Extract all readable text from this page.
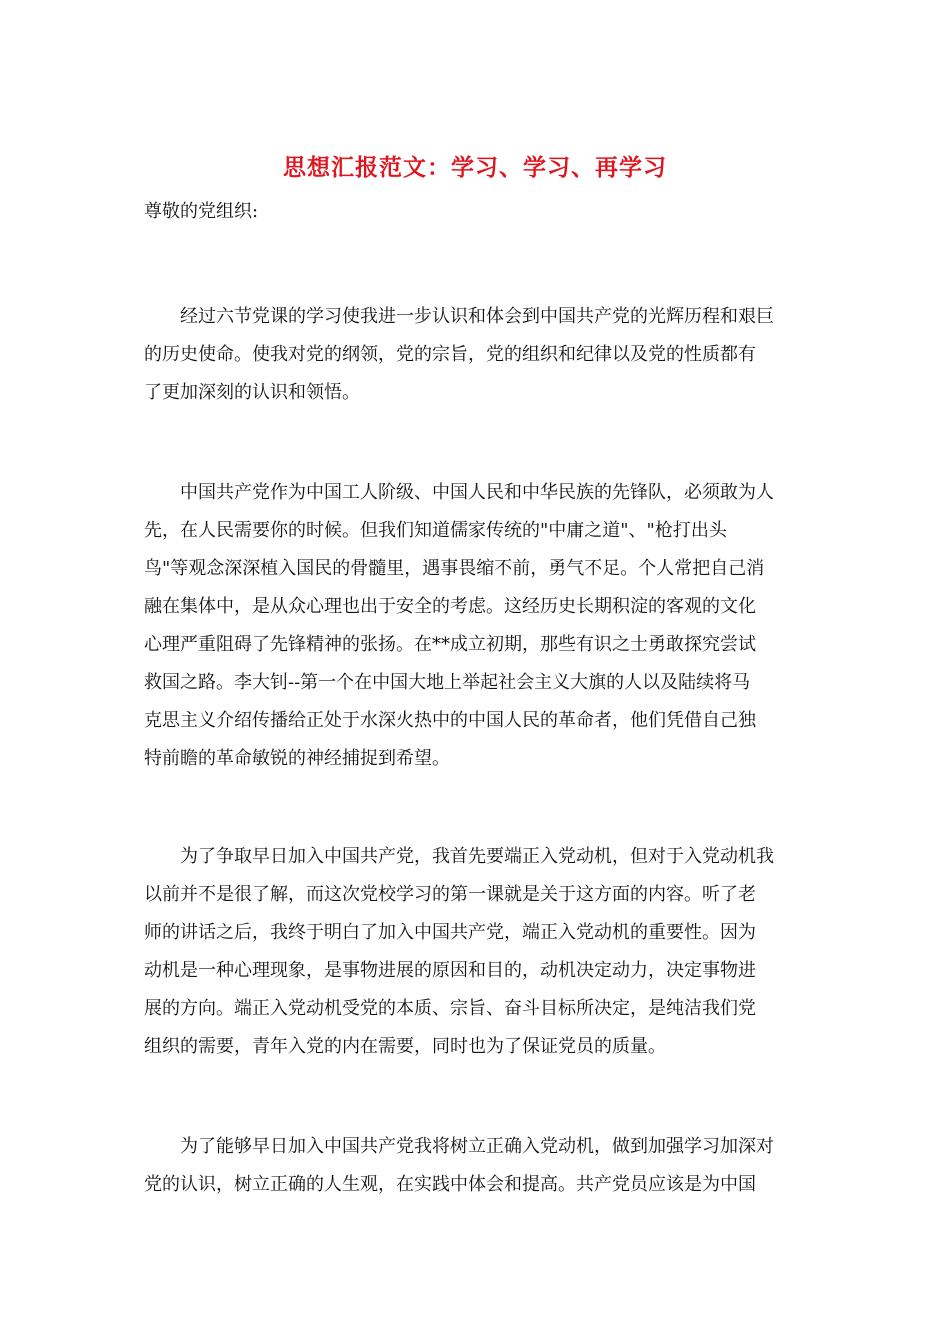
思想汇报范文：学习、学习、再学习
尊敬的党组织:
经过六节党课的学习使我进一步认识和体会到中国共产党的光辉历程和艰巨
的历史使命。使我对党的纲领，党的宗旨，党的组织和纪律以及党的性质都有
了更加深刻的认识和领悟。
中国共产党作为中国工人阶级、中国人民和中华民族的先锋队，必须敢为人
先，在人民需要你的时候。但我们知道儒家传统的"中庸之道"、"枪打出头
鸟"等观念深深植入国民的骨髓里，遇事畏缩不前，勇气不足。个人常把自己消
融在集体中，是从众心理也出于安全的考虑。这经历史长期积淀的客观的文化
心理严重阻碍了先锋精神的张扬。在**成立初期，那些有识之士勇敢探究尝试
救国之路。李大钊--第一个在中国大地上举起社会主义大旗的人以及陆续将马
克思主义介绍传播给正处于水深火热中的中国人民的革命者，他们凭借自己独
特前瞻的革命敏锐的神经捕捉到希望。
为了争取早日加入中国共产党，我首先要端正入党动机，但对于入党动机我
以前并不是很了解，而这次党校学习的第一课就是关于这方面的内容。听了老
师的讲话之后，我终于明白了加入中国共产党，端正入党动机的重要性。因为
动机是一种心理现象，是事物进展的原因和目的，动机决定动力，决定事物进
展的方向。端正入党动机受党的本质、宗旨、奋斗目标所决定，是纯洁我们党
组织的需要，青年入党的内在需要，同时也为了保证党员的质量。
为了能够早日加入中国共产党我将树立正确入党动机，做到加强学习加深对
党的认识，树立正确的人生观，在实践中体会和提高。共产党员应该是为中国
